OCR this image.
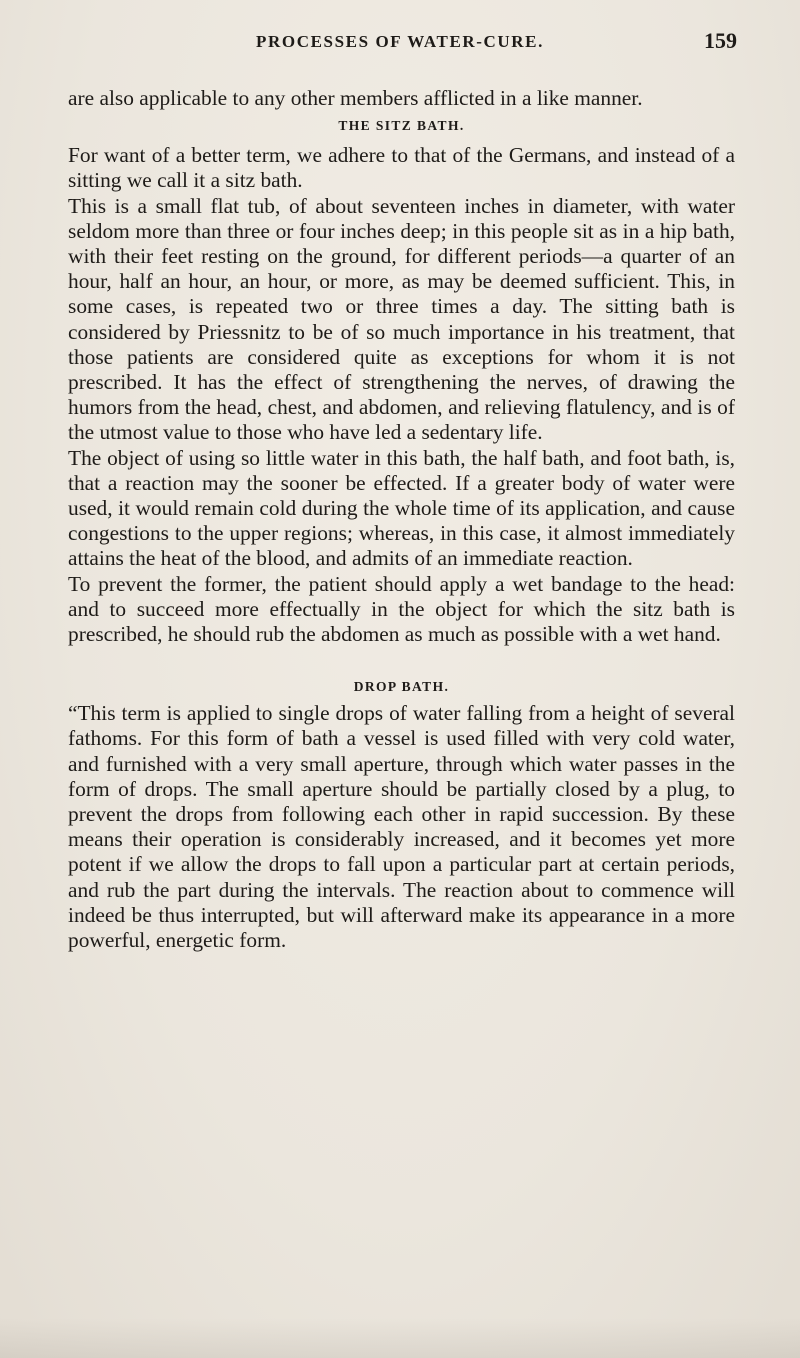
PROCESSES OF WATER-CURE.	159

are also applicable to any other members afflicted in a like manner.

THE SITZ BATH.

For want of a better term, we adhere to that of the Germans, and instead of a sitting we call it a sitz bath.

This is a small flat tub, of about seventeen inches in diameter, with water seldom more than three or four inches deep; in this people sit as in a hip bath, with their feet resting on the ground, for different periods—a quarter of an hour, half an hour, an hour, or more, as may be deemed sufficient. This, in some cases, is repeated two or three times a day. The sitting bath is considered by Priessnitz to be of so much importance in his treatment, that those patients are considered quite as exceptions for whom it is not prescribed. It has the effect of strengthening the nerves, of drawing the humors from the head, chest, and abdomen, and relieving flatulency, and is of the utmost value to those who have led a sedentary life.

The object of using so little water in this bath, the half bath, and foot bath, is, that a reaction may the sooner be effected. If a greater body of water were used, it would remain cold during the whole time of its application, and cause congestions to the upper regions; whereas, in this case, it almost immediately attains the heat of the blood, and admits of an immediate reaction.

To prevent the former, the patient should apply a wet bandage to the head: and to succeed more effectually in the object for which the sitz bath is prescribed, he should rub the abdomen as much as possible with a wet hand.

DROP BATH.

“This term is applied to single drops of water falling from a height of several fathoms. For this form of bath a vessel is used filled with very cold water, and furnished with a very small aperture, through which water passes in the form of drops. The small aperture should be partially closed by a plug, to prevent the drops from following each other in rapid succession. By these means their operation is considerably increased, and it becomes yet more potent if we allow the drops to fall upon a particular part at certain periods, and rub the part during the intervals. The reaction about to commence will indeed be thus interrupted, but will afterward make its appearance in a more powerful, energetic form.
